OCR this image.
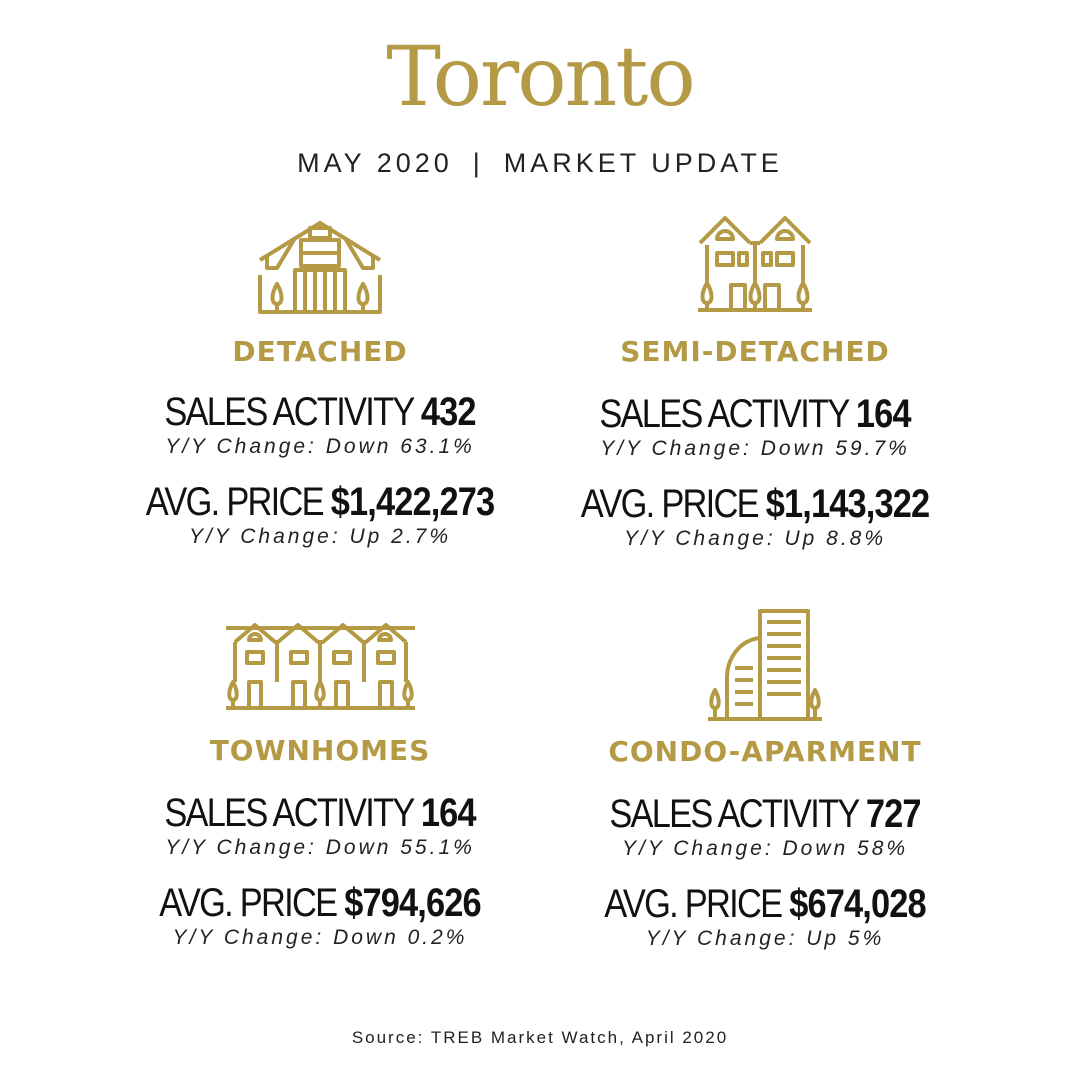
Toronto
MAY 2020 | MARKET UPDATE
DETACHED
SALES ACTIVITY 432
Y/Y Change: Down 63.1%
AVG. PRICE $1,422,273
Y/Y Change: Up 2.7%
SEMI-DETACHED
SALES ACTIVITY 164
Y/Y Change: Down 59.7%
AVG. PRICE $1,143,322
Y/Y Change: Up 8.8%
TOWNHOMES
SALES ACTIVITY 164
Y/Y Change: Down 55.1%
AVG. PRICE $794,626
Y/Y Change: Down 0.2%
CONDO-APARMENT
SALES ACTIVITY 727
Y/Y Change: Down 58%
AVG. PRICE $674,028
Y/Y Change: Up 5%
Source: TREB Market Watch, April 2020
